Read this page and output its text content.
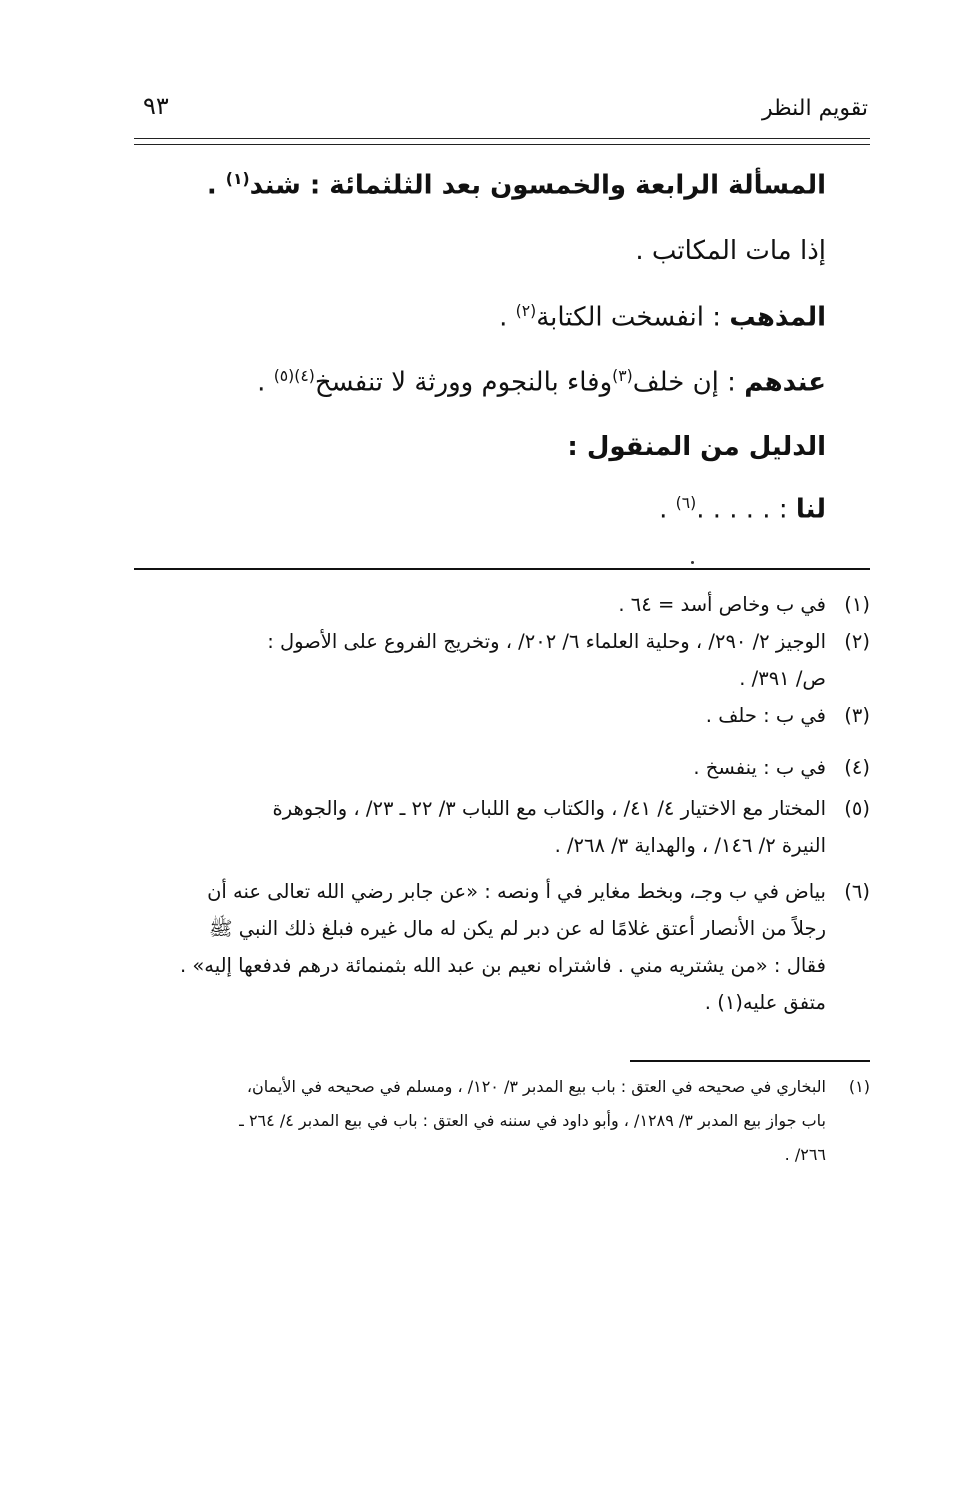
تقويم النظر
٩٣
المسألة الرابعة والخمسون بعد الثلثمائة : شند$^{(١)}$ .
إذا مات المكاتب .
المذهب : انفسخت الكتابة$^{(٢)}$ .
عندهم : إن خلف$^{(٣)}$وفاء بالنجوم وورثة لا تنفسخ$^{(٤)(٥)}$ .
الدليل من المنقول :
لنا : . . . . .$^{(٦)}$ .
(١)في ب وخاص أسد = ٦٤ .
(٢)الوجيز ٢/ ٢٩٠/ ، وحلية العلماء ٦/ ٢٠٢/ ، وتخريج الفروع على الأصول :
ص/ ٣٩١/ .
(٣)في ب : حلف .
(٤)في ب : ينفسخ .
(٥)المختار مع الاختيار ٤/ ٤١/ ، والكتاب مع اللباب ٣/ ٢٢ ـ ٢٣/ ، والجوهرة
النيرة ٢/ ١٤٦/ ، والهداية ٣/ ٢٦٨/ .
(٦)بياض في ب وجـ، وبخط مغاير في أ ونصه : «عن جابر رضي الله تعالى عنه أن
رجلاً من الأنصار أعتق غلامًا له عن دبر لم يكن له مال غيره فبلغ ذلك النبي ﷺ
فقال : «من يشتريه مني . فاشتراه نعيم بن عبد الله بثمنمائة درهم فدفعها إليه» .
متفق عليه(١) .
(١)البخاري في صحيحه في العتق : باب بيع المدبر ٣/ ١٢٠/ ، ومسلم في صحيحه في الأيمان،
باب جواز بيع المدبر ٣/ ١٢٨٩/ ، وأبو داود في سننه في العتق : باب في بيع المدبر ٤/ ٢٦٤ ـ
٢٦٦/ .
